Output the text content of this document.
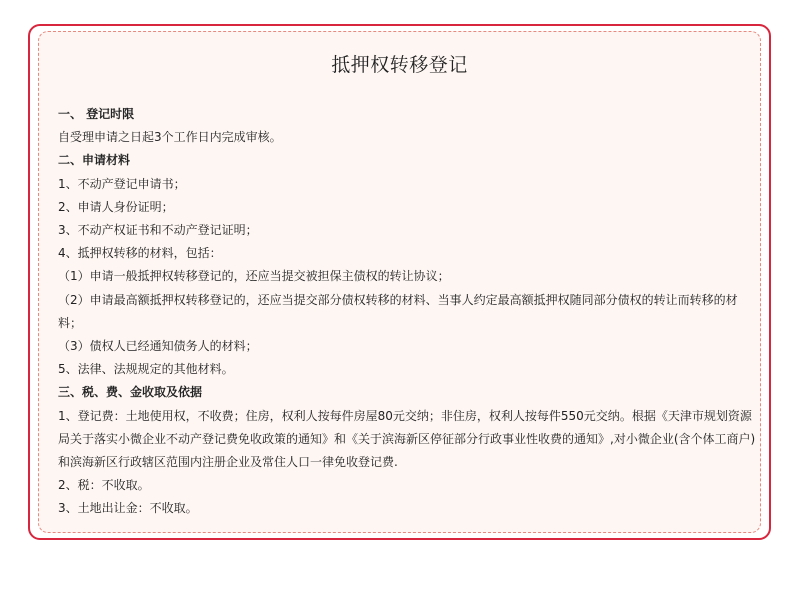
抵押权转移登记

一、 登记时限

自受理申请之日起3个工作日内完成审核。

二、申请材料

1、不动产登记申请书；

2、申请人身份证明；

3、不动产权证书和不动产登记证明；

4、抵押权转移的材料，包括：

（1）申请一般抵押权转移登记的，还应当提交被担保主债权的转让协议；

（2）申请最高额抵押权转移登记的，还应当提交部分债权转移的材料、当事人约定最高额抵押权随同部分债权的转让而转移的材料；

（3）债权人已经通知债务人的材料；

5、法律、法规规定的其他材料。

三、税、费、金收取及依据

1、登记费：土地使用权，不收费；住房，权利人按每件房屋80元交纳；非住房，权利人按每件550元交纳。根据《天津市规划资源局关于落实小微企业不动产登记费免收政策的通知》和《关于滨海新区停征部分行政事业性收费的通知》,对小微企业(含个体工商户) 和滨海新区行政辖区范围内注册企业及常住人口一律免收登记费.

2、税：不收取。

3、土地出让金：不收取。
